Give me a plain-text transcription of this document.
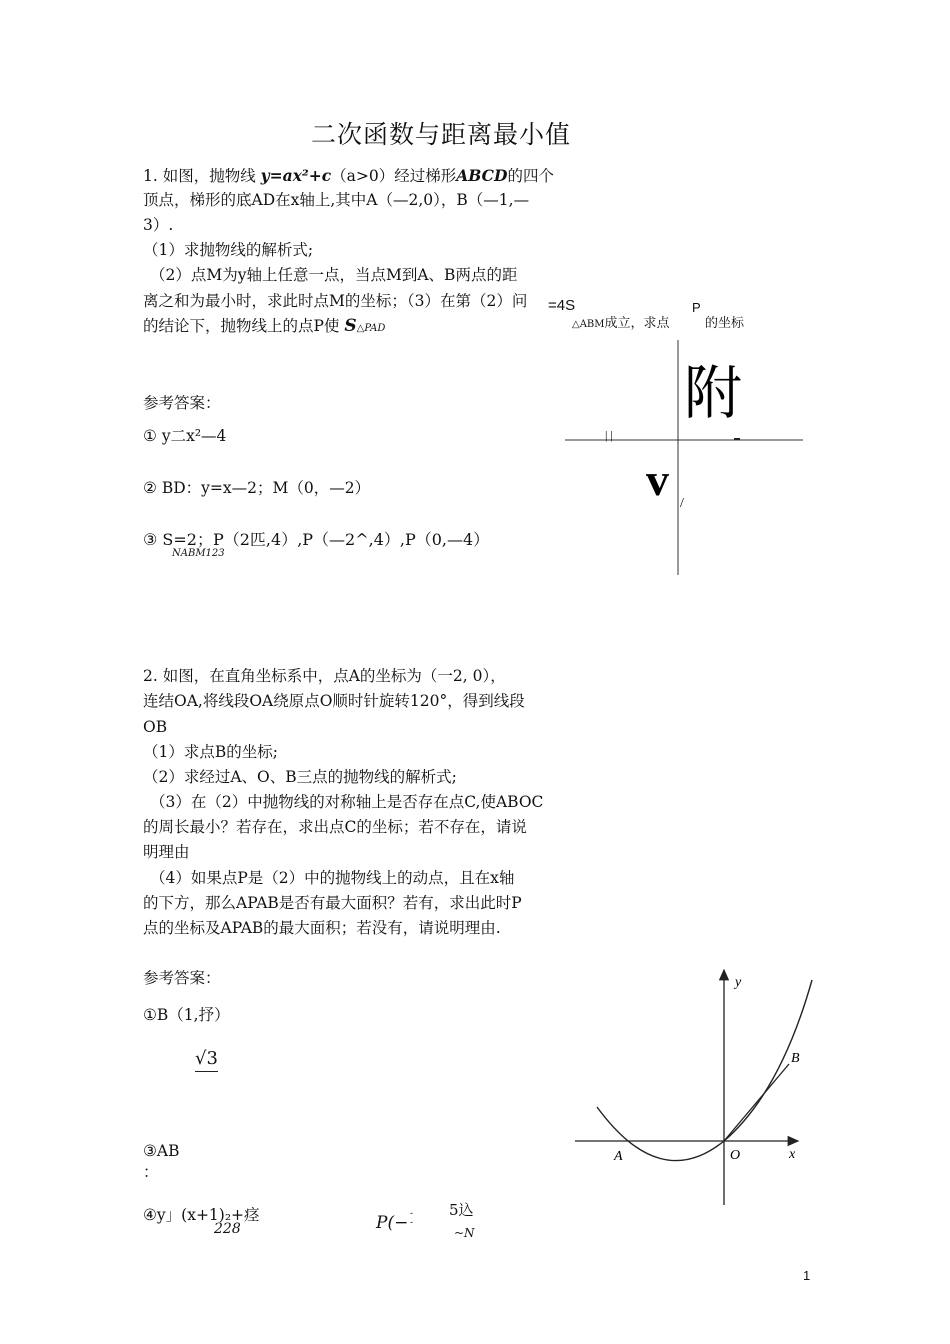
二次函数与距离最小值
1. 如图，抛物线 y=ax²+c（a>0）经过梯形ABCD的四个
顶点，梯形的底AD在x轴上,其中A（—2,0），B（—1,—
3）.
（1）求抛物线的解析式;
（2）点M为y轴上任意一点，当点M到A、B两点的距
离之和为最小时，求此时点M的坐标；（3）在第（2）问
的结论下，抛物线上的点P使 S△PAD
=4S
△ABM成立，求点
P
的坐标
参考答案：
① y二x²—4
② BD：y=x—2；M（0，—2）
③ S=2；P（2匹,4）,P（—2^,4）,P（0,—4）
NABM123
附
| |
v /
2. 如图，在直角坐标系中，点A的坐标为（一2, 0），
连结OA,将线段OA绕原点O顺时针旋转120°，得到线段
OB
（1）求点B的坐标;
（2）求经过A、O、B三点的抛物线的解析式;
（3）在（2）中抛物线的对称轴上是否存在点C,使ABOC
的周长最小？若存在，求出点C的坐标；若不存在，请说
明理由
（4）如果点P是（2）中的抛物线上的动点，且在x轴
的下方，那么APAB是否有最大面积？若有，求出此时P
点的坐标及APAB的最大面积；若没有，请说明理由.
参考答案：
①B（1,抒）
√3
③AB
：
④y」(x+1)₂+痉
228	P(− -
-
5込
~N
y
x
A	O
B
1
